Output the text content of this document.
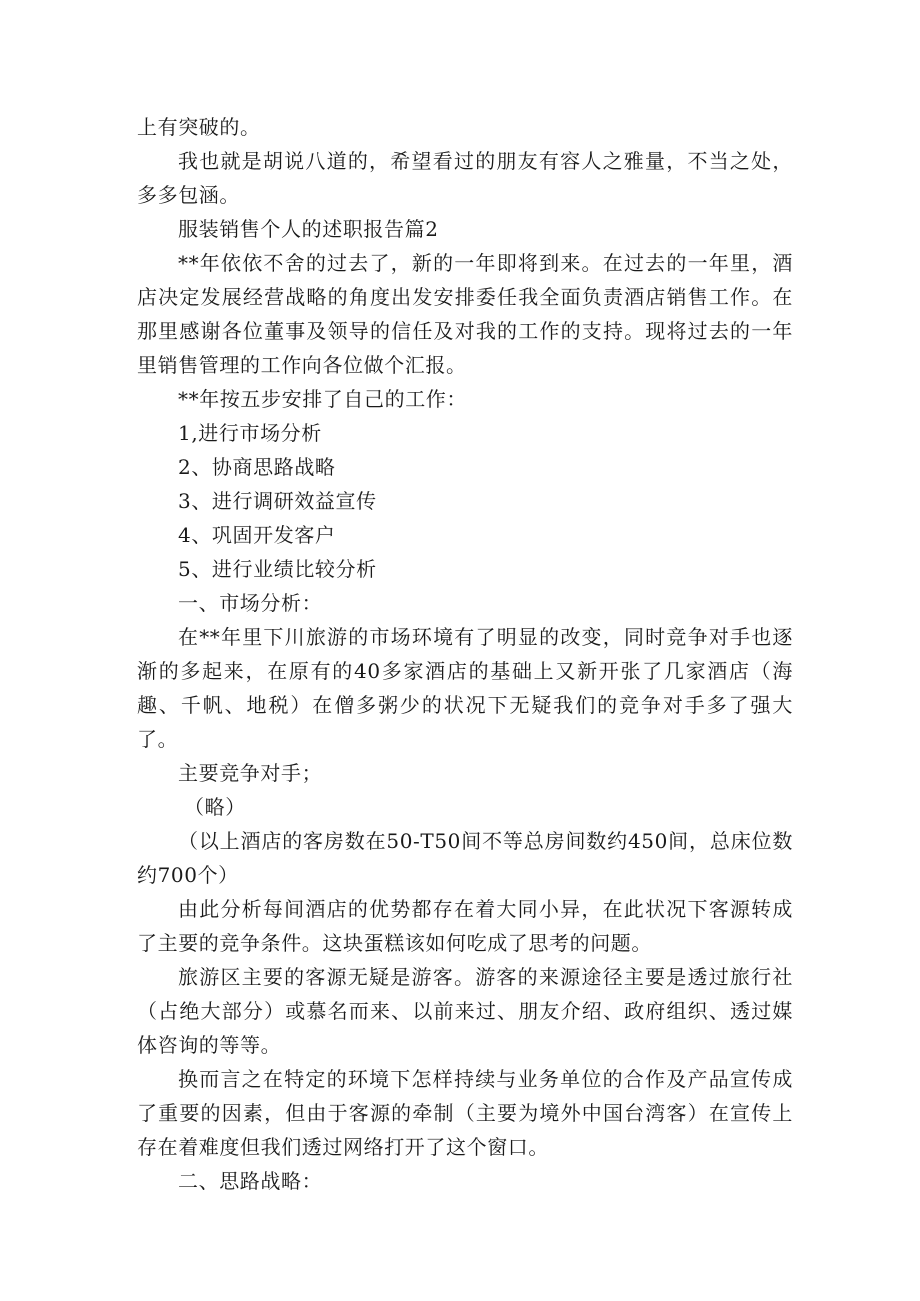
上有突破的。

我也就是胡说八道的，希望看过的朋友有容人之雅量，不当之处，多多包涵。

服装销售个人的述职报告篇2

**年依依不舍的过去了，新的一年即将到来。在过去的一年里，酒店决定发展经营战略的角度出发安排委任我全面负责酒店销售工作。在那里感谢各位董事及领导的信任及对我的工作的支持。现将过去的一年里销售管理的工作向各位做个汇报。

**年按五步安排了自己的工作：

1,进行市场分析

2、协商思路战略

3、进行调研效益宣传

4、巩固开发客户

5、进行业绩比较分析

一、市场分析：

在**年里下川旅游的市场环境有了明显的改变，同时竞争对手也逐渐的多起来，在原有的40多家酒店的基础上又新开张了几家酒店（海趣、千帆、地税）在僧多粥少的状况下无疑我们的竞争对手多了强大了。

主要竞争对手；

（略）

（以上酒店的客房数在50-T50间不等总房间数约450间，总床位数约700个）

由此分析每间酒店的优势都存在着大同小异，在此状况下客源转成了主要的竞争条件。这块蛋糕该如何吃成了思考的问题。

旅游区主要的客源无疑是游客。游客的来源途径主要是透过旅行社（占绝大部分）或慕名而来、以前来过、朋友介绍、政府组织、透过媒体咨询的等等。

换而言之在特定的环境下怎样持续与业务单位的合作及产品宣传成了重要的因素，但由于客源的牵制（主要为境外中国台湾客）在宣传上存在着难度但我们透过网络打开了这个窗口。

二、思路战略：
